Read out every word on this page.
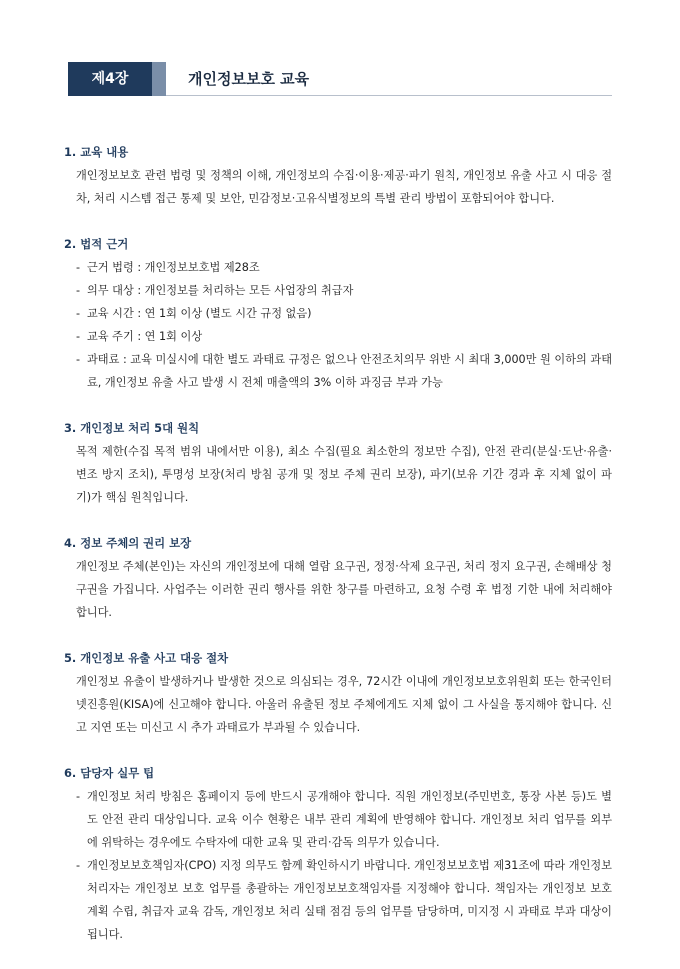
제4장	개인정보보호 교육
1. 교육 내용
개인정보보호 관련 법령 및 정책의 이해, 개인정보의 수집·이용·제공·파기 원칙, 개인정보 유출 사고 시 대응 절차, 처리 시스템 접근 통제 및 보안, 민감정보·고유식별정보의 특별 관리 방법이 포함되어야 합니다.
2. 법적 근거
- 근거 법령 : 개인정보보호법 제28조
- 의무 대상 : 개인정보를 처리하는 모든 사업장의 취급자
- 교육 시간 : 연 1회 이상 (별도 시간 규정 없음)
- 교육 주기 : 연 1회 이상
- 과태료 : 교육 미실시에 대한 별도 과태료 규정은 없으나 안전조치의무 위반 시 최대 3,000만 원 이하의 과태료, 개인정보 유출 사고 발생 시 전체 매출액의 3% 이하 과징금 부과 가능
3. 개인정보 처리 5대 원칙
목적 제한(수집 목적 범위 내에서만 이용), 최소 수집(필요 최소한의 정보만 수집), 안전 관리(분실·도난·유출·변조 방지 조치), 투명성 보장(처리 방침 공개 및 정보 주체 권리 보장), 파기(보유 기간 경과 후 지체 없이 파기)가 핵심 원칙입니다.
4. 정보 주체의 권리 보장
개인정보 주체(본인)는 자신의 개인정보에 대해 열람 요구권, 정정·삭제 요구권, 처리 정지 요구권, 손해배상 청구권을 가집니다. 사업주는 이러한 권리 행사를 위한 창구를 마련하고, 요청 수령 후 법정 기한 내에 처리해야 합니다.
5. 개인정보 유출 사고 대응 절차
개인정보 유출이 발생하거나 발생한 것으로 의심되는 경우, 72시간 이내에 개인정보보호위원회 또는 한국인터넷진흥원(KISA)에 신고해야 합니다. 아울러 유출된 정보 주체에게도 지체 없이 그 사실을 통지해야 합니다. 신고 지연 또는 미신고 시 추가 과태료가 부과될 수 있습니다.
6. 담당자 실무 팁
- 개인정보 처리 방침은 홈페이지 등에 반드시 공개해야 합니다. 직원 개인정보(주민번호, 통장 사본 등)도 별도 안전 관리 대상입니다. 교육 이수 현황은 내부 관리 계획에 반영해야 합니다. 개인정보 처리 업무를 외부에 위탁하는 경우에도 수탁자에 대한 교육 및 관리·감독 의무가 있습니다.
- 개인정보보호책임자(CPO) 지정 의무도 함께 확인하시기 바랍니다. 개인정보보호법 제31조에 따라 개인정보처리자는 개인정보 보호 업무를 총괄하는 개인정보보호책임자를 지정해야 합니다. 책임자는 개인정보 보호 계획 수립, 취급자 교육 감독, 개인정보 처리 실태 점검 등의 업무를 담당하며, 미지정 시 과태료 부과 대상이 됩니다.
